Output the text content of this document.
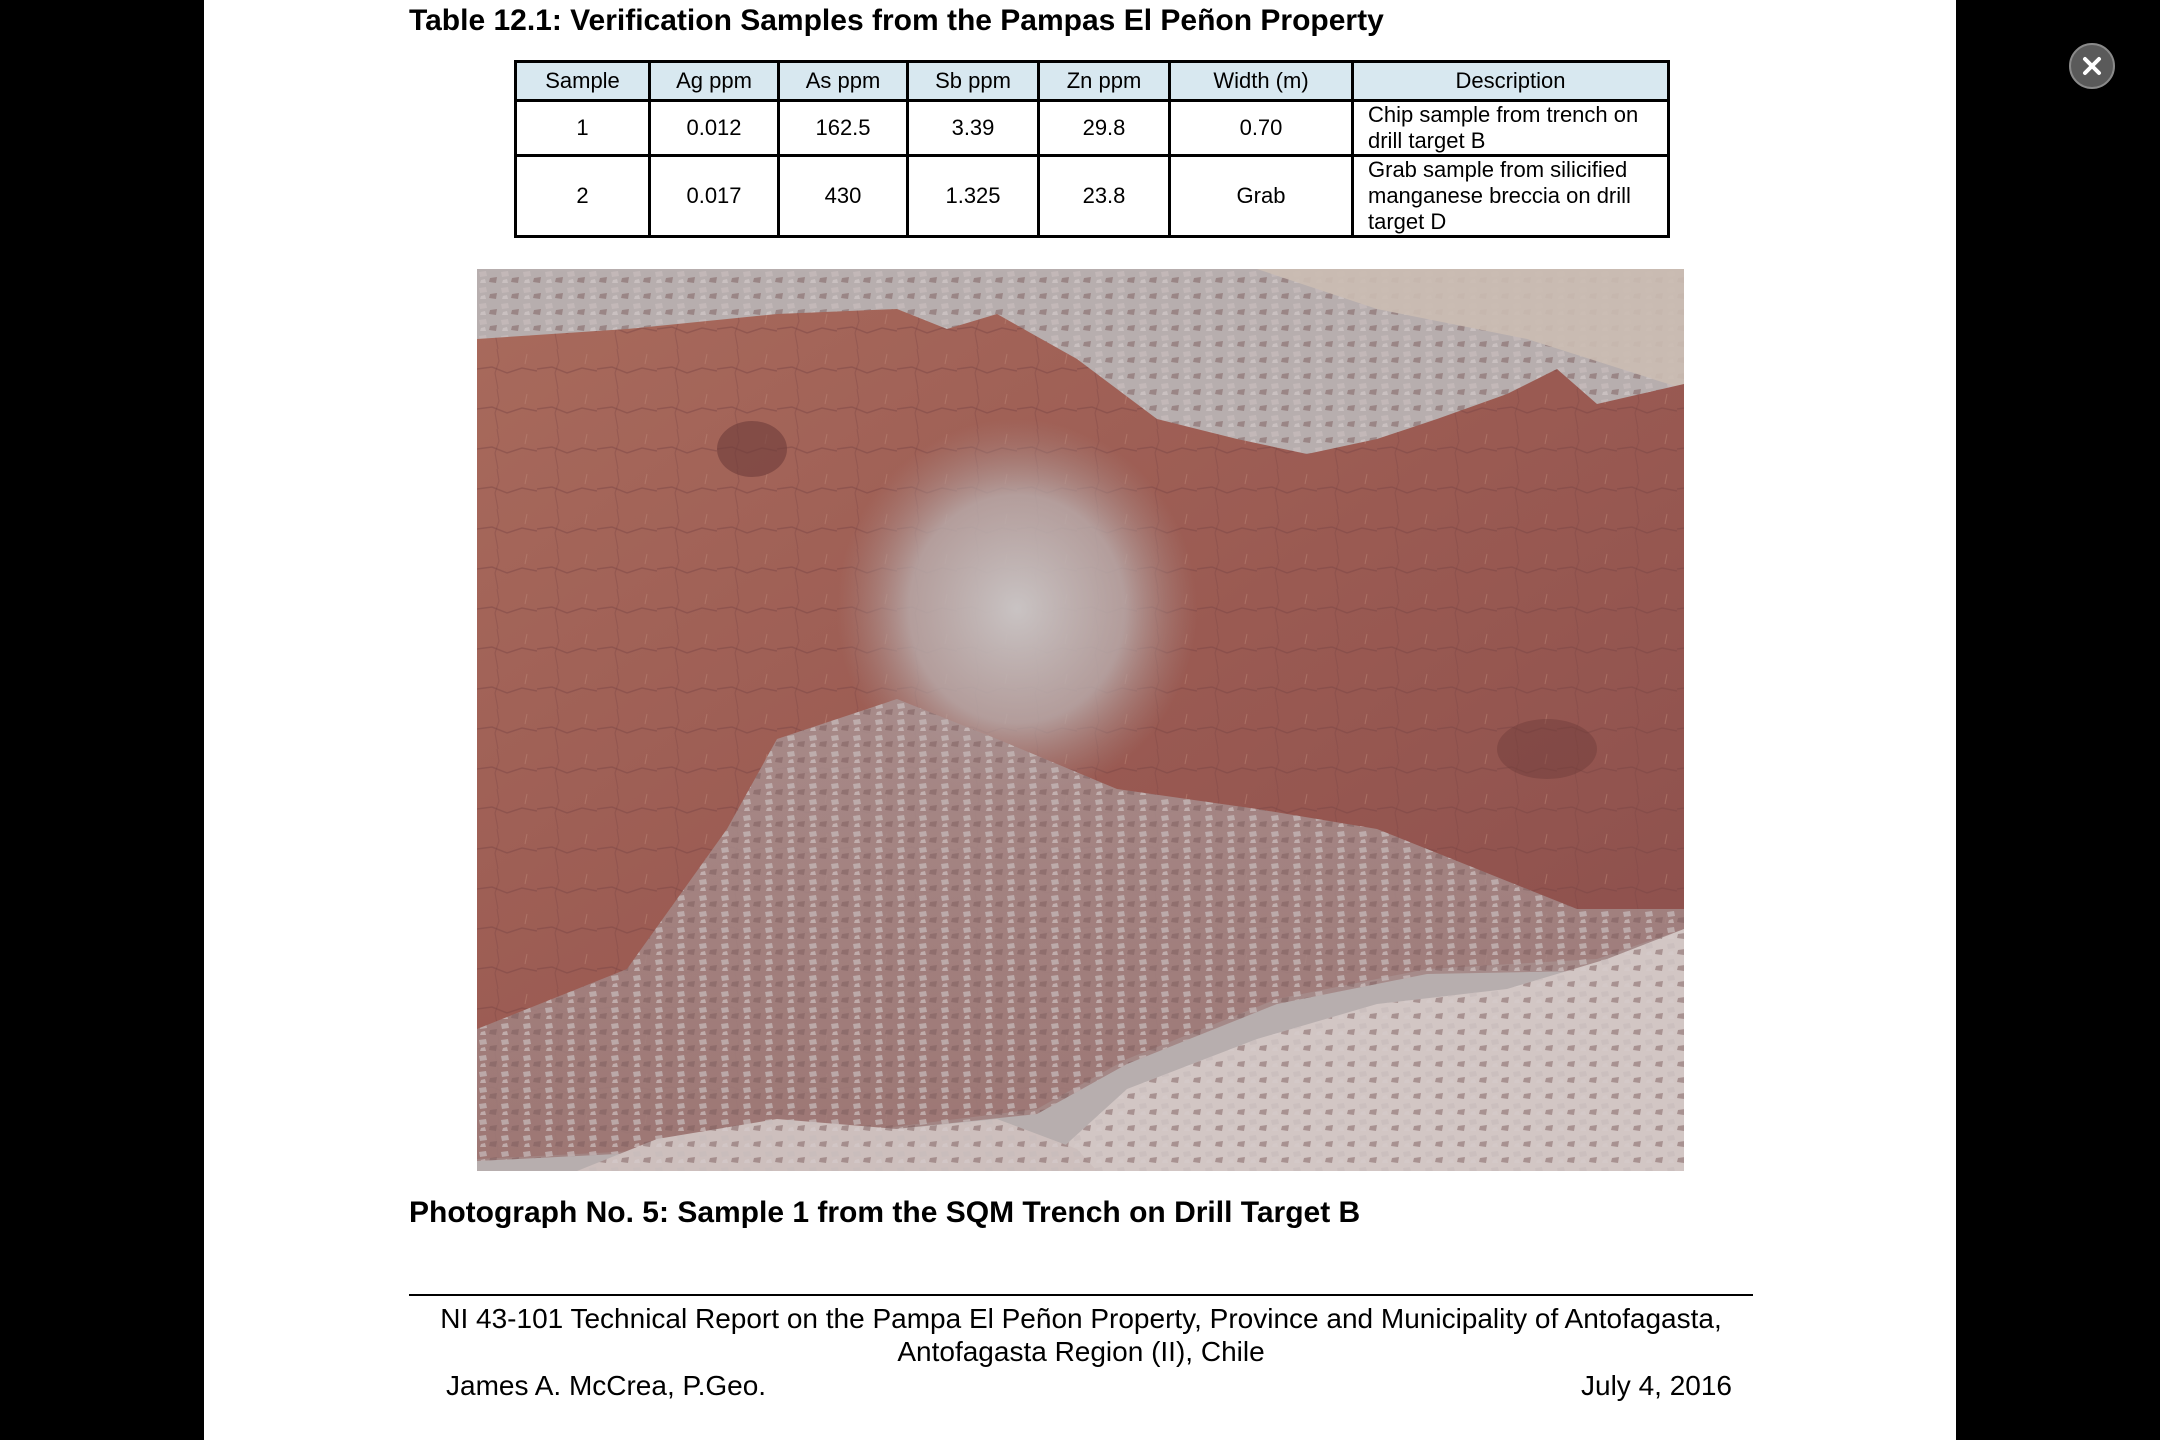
Table 12.1: Verification Samples from the Pampas El Peñon Property
Sample	Ag ppm	As ppm	Sb ppm	Zn ppm	Width (m)	Description
1	0.012	162.5	3.39	29.8	0.70	Chip sample from trench on drill target B
2	0.017	430	1.325	23.8	Grab	Grab sample from silicified manganese breccia on drill target D
Photograph No. 5: Sample 1 from the SQM Trench on Drill Target B
NI 43-101 Technical Report on the Pampa El Peñon Property, Province and Municipality of Antofagasta,
Antofagasta Region (II), Chile
James A. McCrea, P.Geo.	July 4, 2016
